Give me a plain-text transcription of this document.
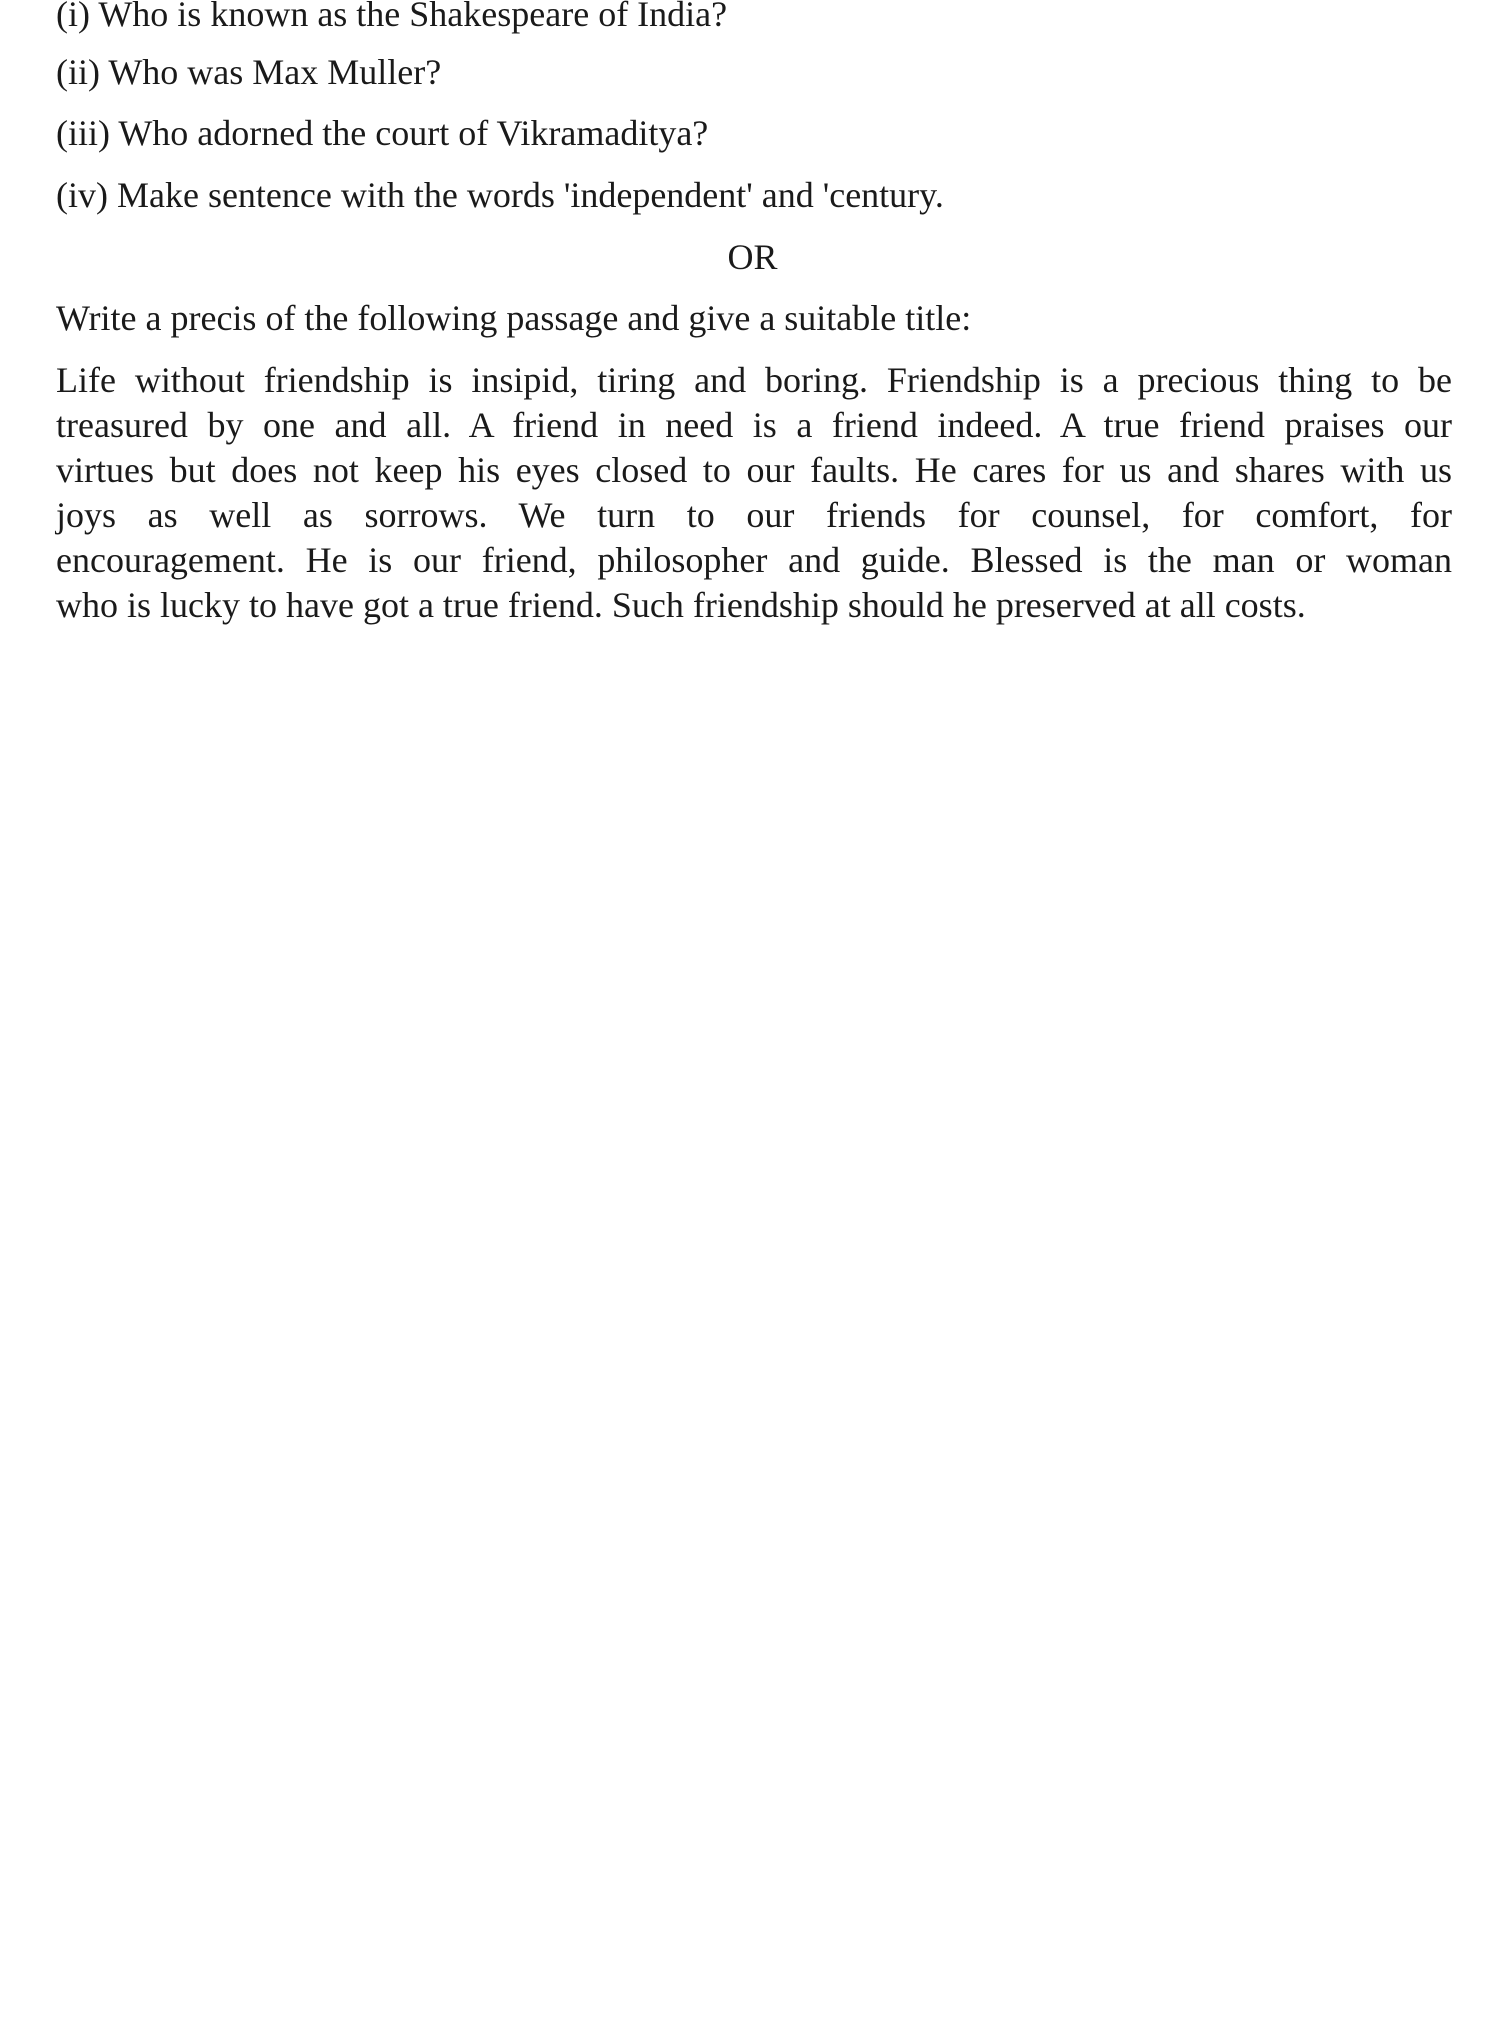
(i) Who is known as the Shakespeare of India?
(ii) Who was Max Muller?
(iii) Who adorned the court of Vikramaditya?
(iv) Make sentence with the words 'independent' and 'century.
OR
Write a precis of the following passage and give a suitable title:
Life without friendship is insipid, tiring and boring. Friendship is a precious thing to be
treasured by one and all. A friend in need is a friend indeed. A true friend praises our
virtues but does not keep his eyes closed to our faults. He cares for us and shares with us
joys as well as sorrows. We turn to our friends for counsel, for comfort, for
encouragement. He is our friend, philosopher and guide. Blessed is the man or woman
who is lucky to have got a true friend. Such friendship should he preserved at all costs.
